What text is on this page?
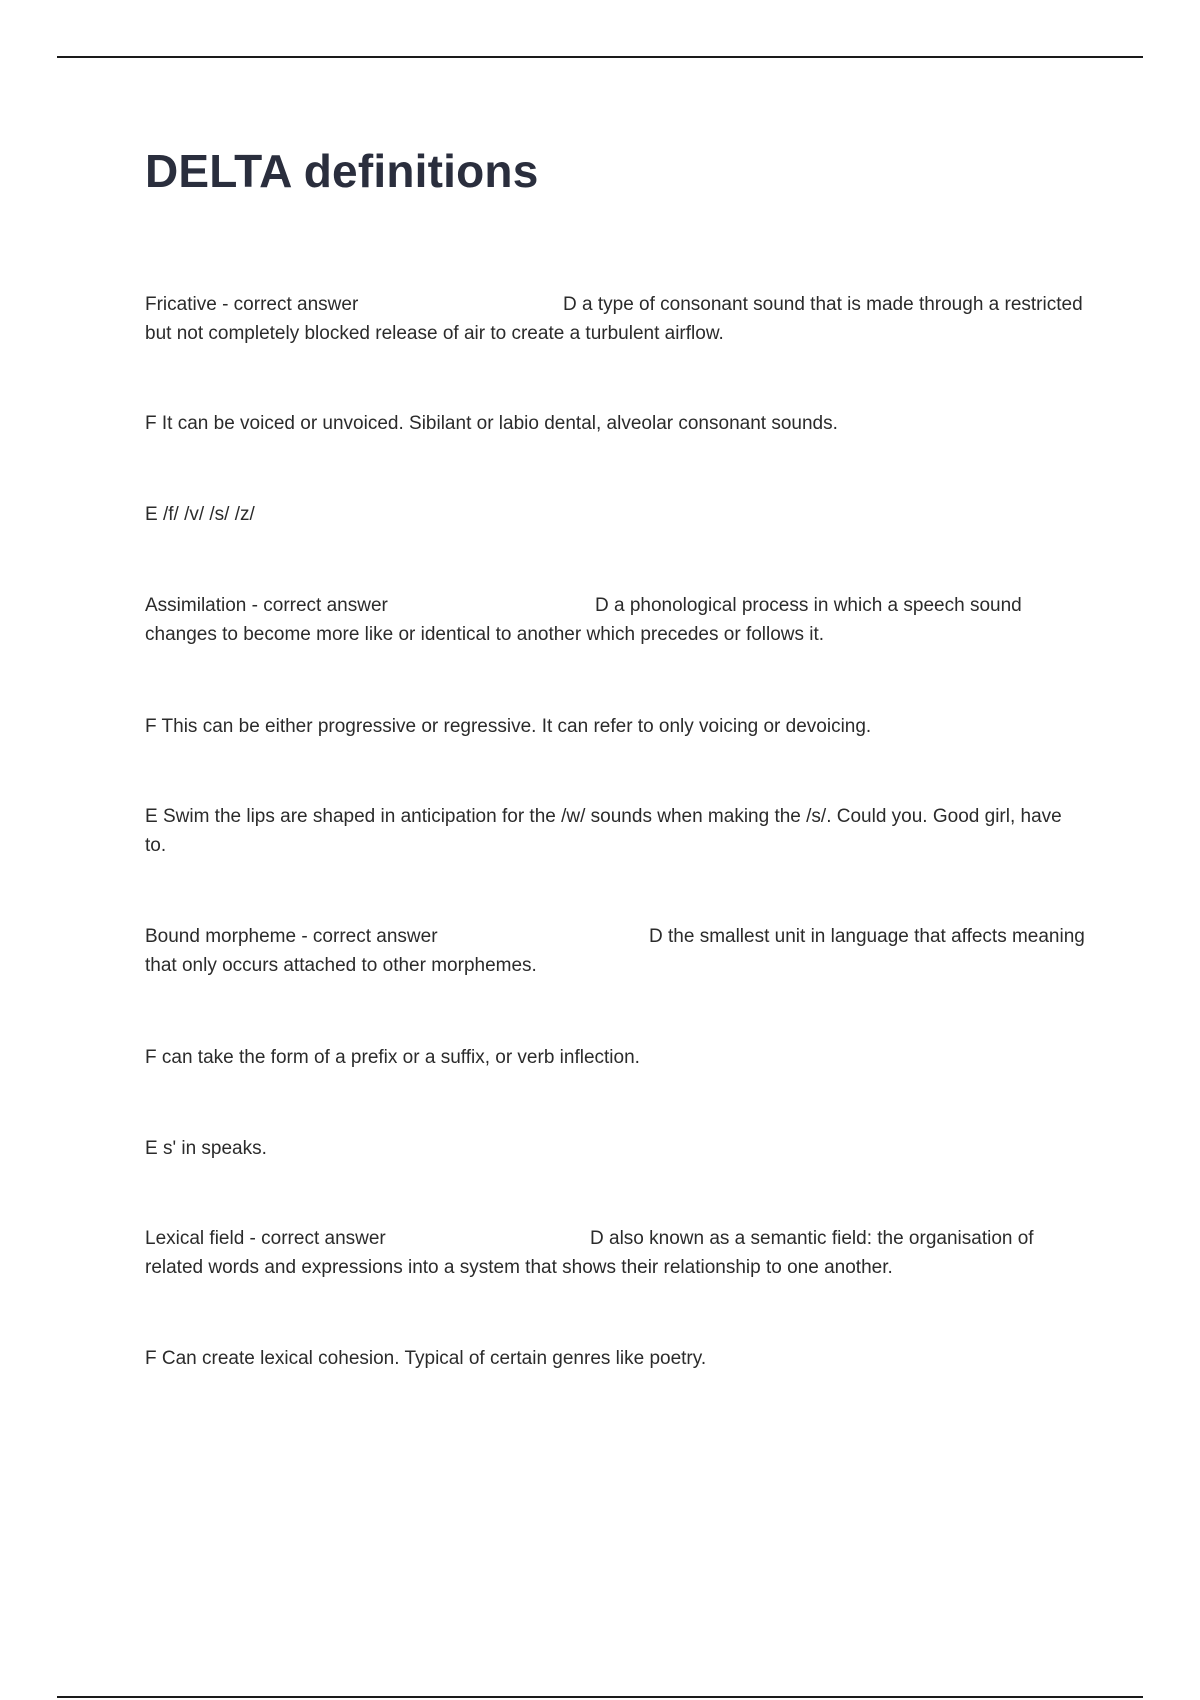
DELTA definitions

Fricative - correct answer	D a type of consonant sound that is made through a restricted but not completely blocked release of air to create a turbulent airflow.

F It can be voiced or unvoiced. Sibilant or labio dental, alveolar consonant sounds.

E /f/ /v/ /s/ /z/

Assimilation - correct answer	D a phonological process in which a speech sound changes to become more like or identical to another which precedes or follows it.

F This can be either progressive or regressive. It can refer to only voicing or devoicing.

E Swim the lips are shaped in anticipation for the /w/ sounds when making the /s/. Could you. Good girl, have to.

Bound morpheme - correct answer	D the smallest unit in language that affects meaning that only occurs attached to other morphemes.

F can take the form of a prefix or a suffix, or verb inflection.

E s' in speaks.

Lexical field - correct answer	D also known as a semantic field: the organisation of related words and expressions into a system that shows their relationship to one another.

F Can create lexical cohesion. Typical of certain genres like poetry.
